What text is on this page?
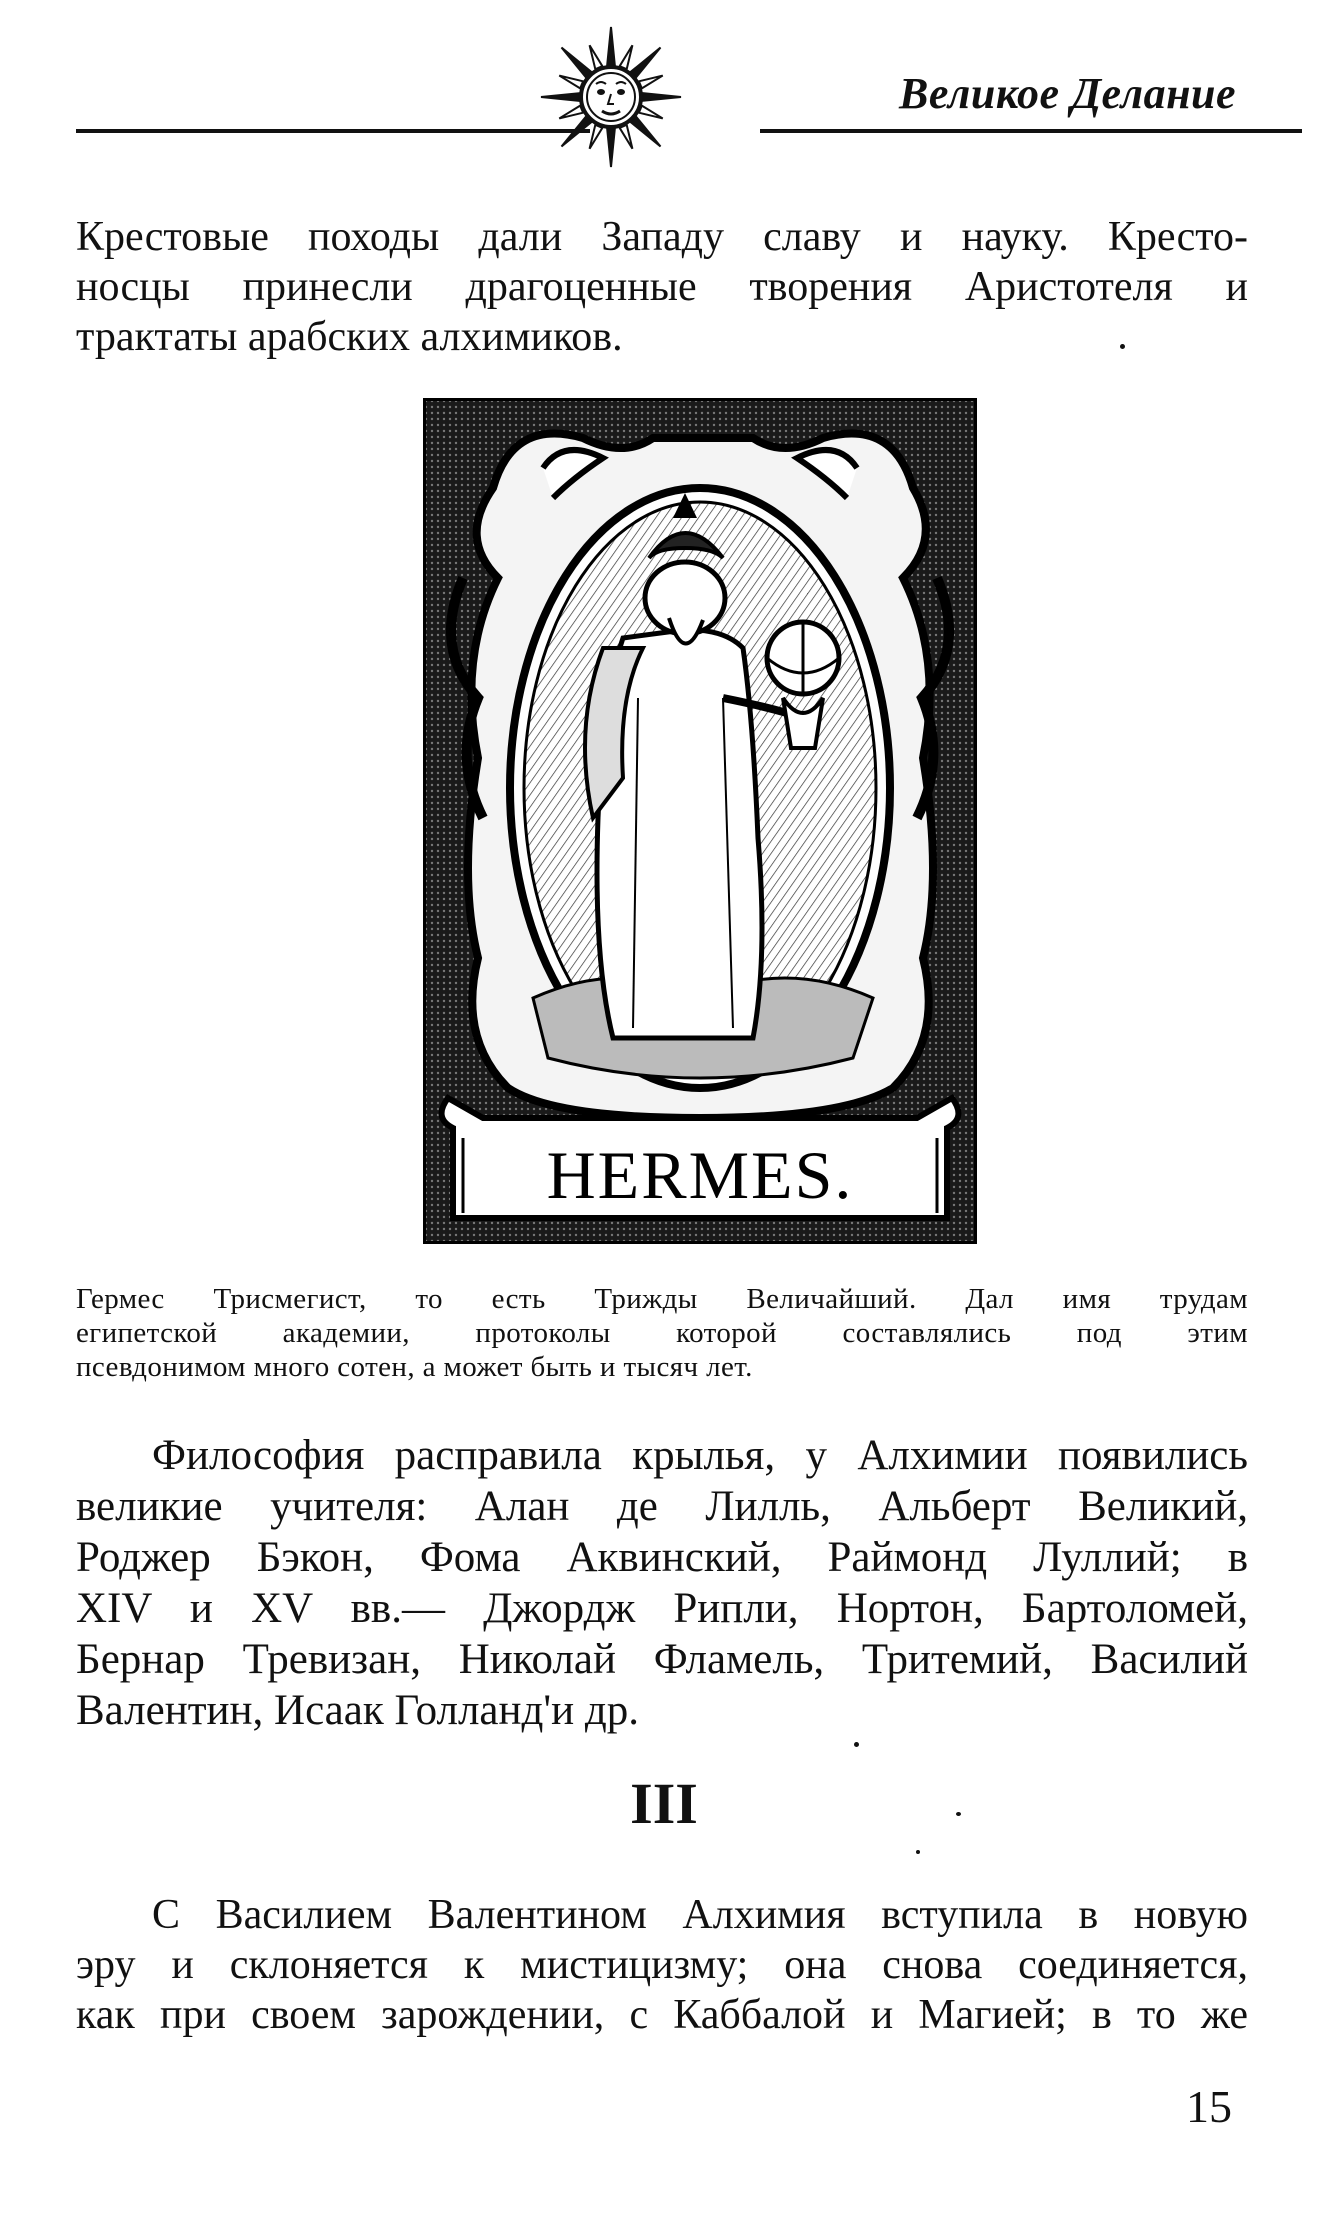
Великое Делание
Крестовые походы дали Западу славу и науку. Кресто-
носцы принесли драгоценные творения Аристотеля и
трактаты арабских алхимиков.
HERMES.
Гермес Трисмегист, то есть Трижды Величайший. Дал имя трудам
египетской академии, протоколы которой составлялись под этим
псевдонимом много сотен, а может быть и тысяч лет.
Философия расправила крылья, у Алхимии появились
великие учителя: Алан де Лилль, Альберт Великий,
Роджер Бэкон, Фома Аквинский, Раймонд Луллий; в
XIV и XV вв.— Джордж Рипли, Нортон, Бартоломей,
Бернар Тревизан, Николай Фламель, Тритемий, Василий
Валентин, Исаак Голланд'и др.
III
С Василием Валентином Алхимия вступила в новую
эру и склоняется к мистицизму; она снова соединяется,
как при своем зарождении, с Каббалой и Магией; в то же
15
